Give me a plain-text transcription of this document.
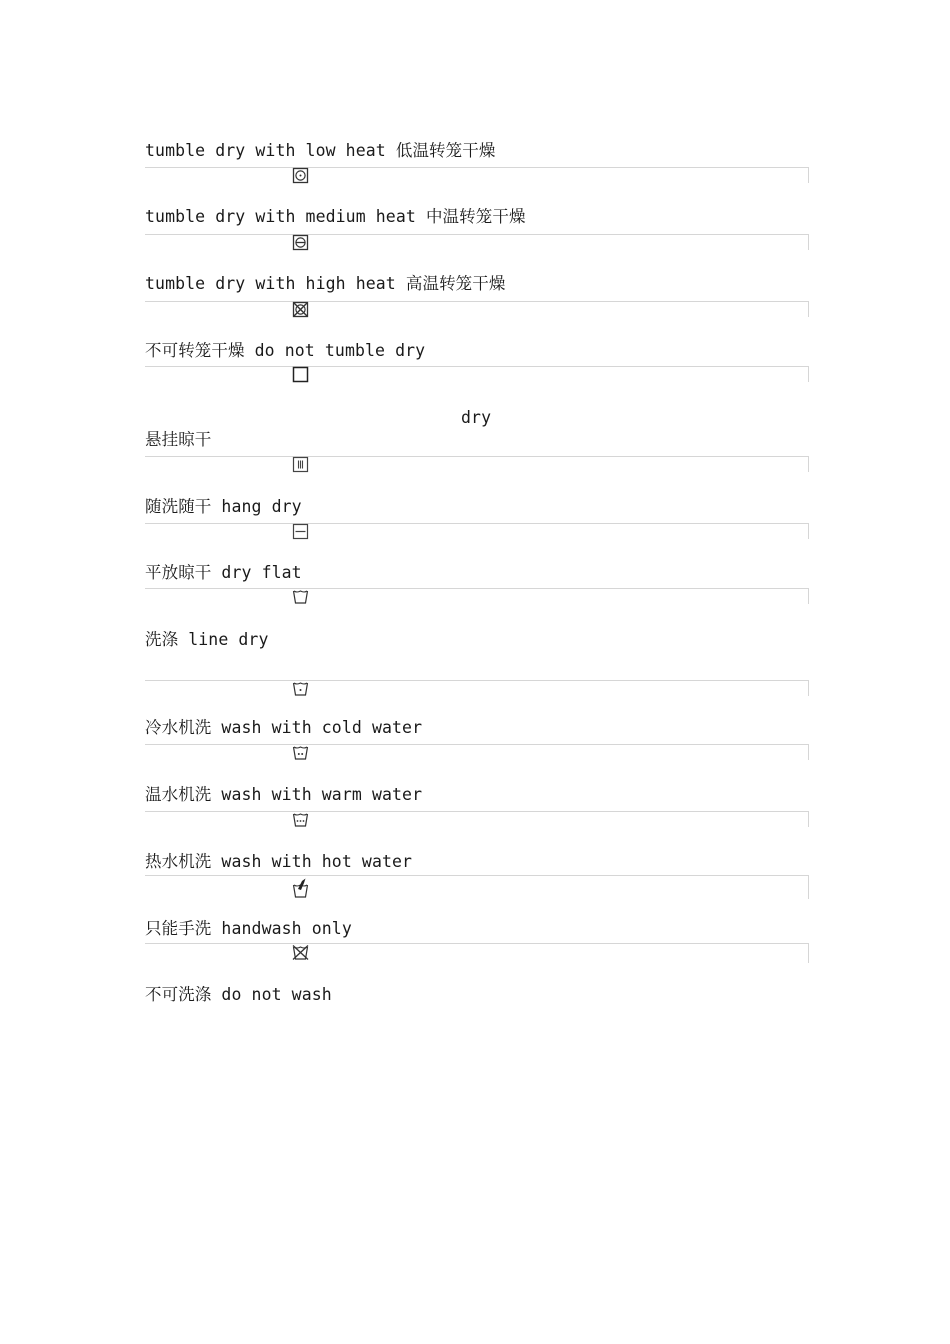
tumble dry with low heat 低温转笼干燥
tumble dry with medium heat 中温转笼干燥
tumble dry with high heat 高温转笼干燥
不可转笼干燥 do not tumble dry
dry
悬挂晾干
随洗随干 hang dry
平放晾干 dry flat
洗涤 line dry
冷水机洗 wash with cold water
温水机洗 wash with warm water
热水机洗 wash with hot water
只能手洗 handwash only
不可洗涤 do not wash
